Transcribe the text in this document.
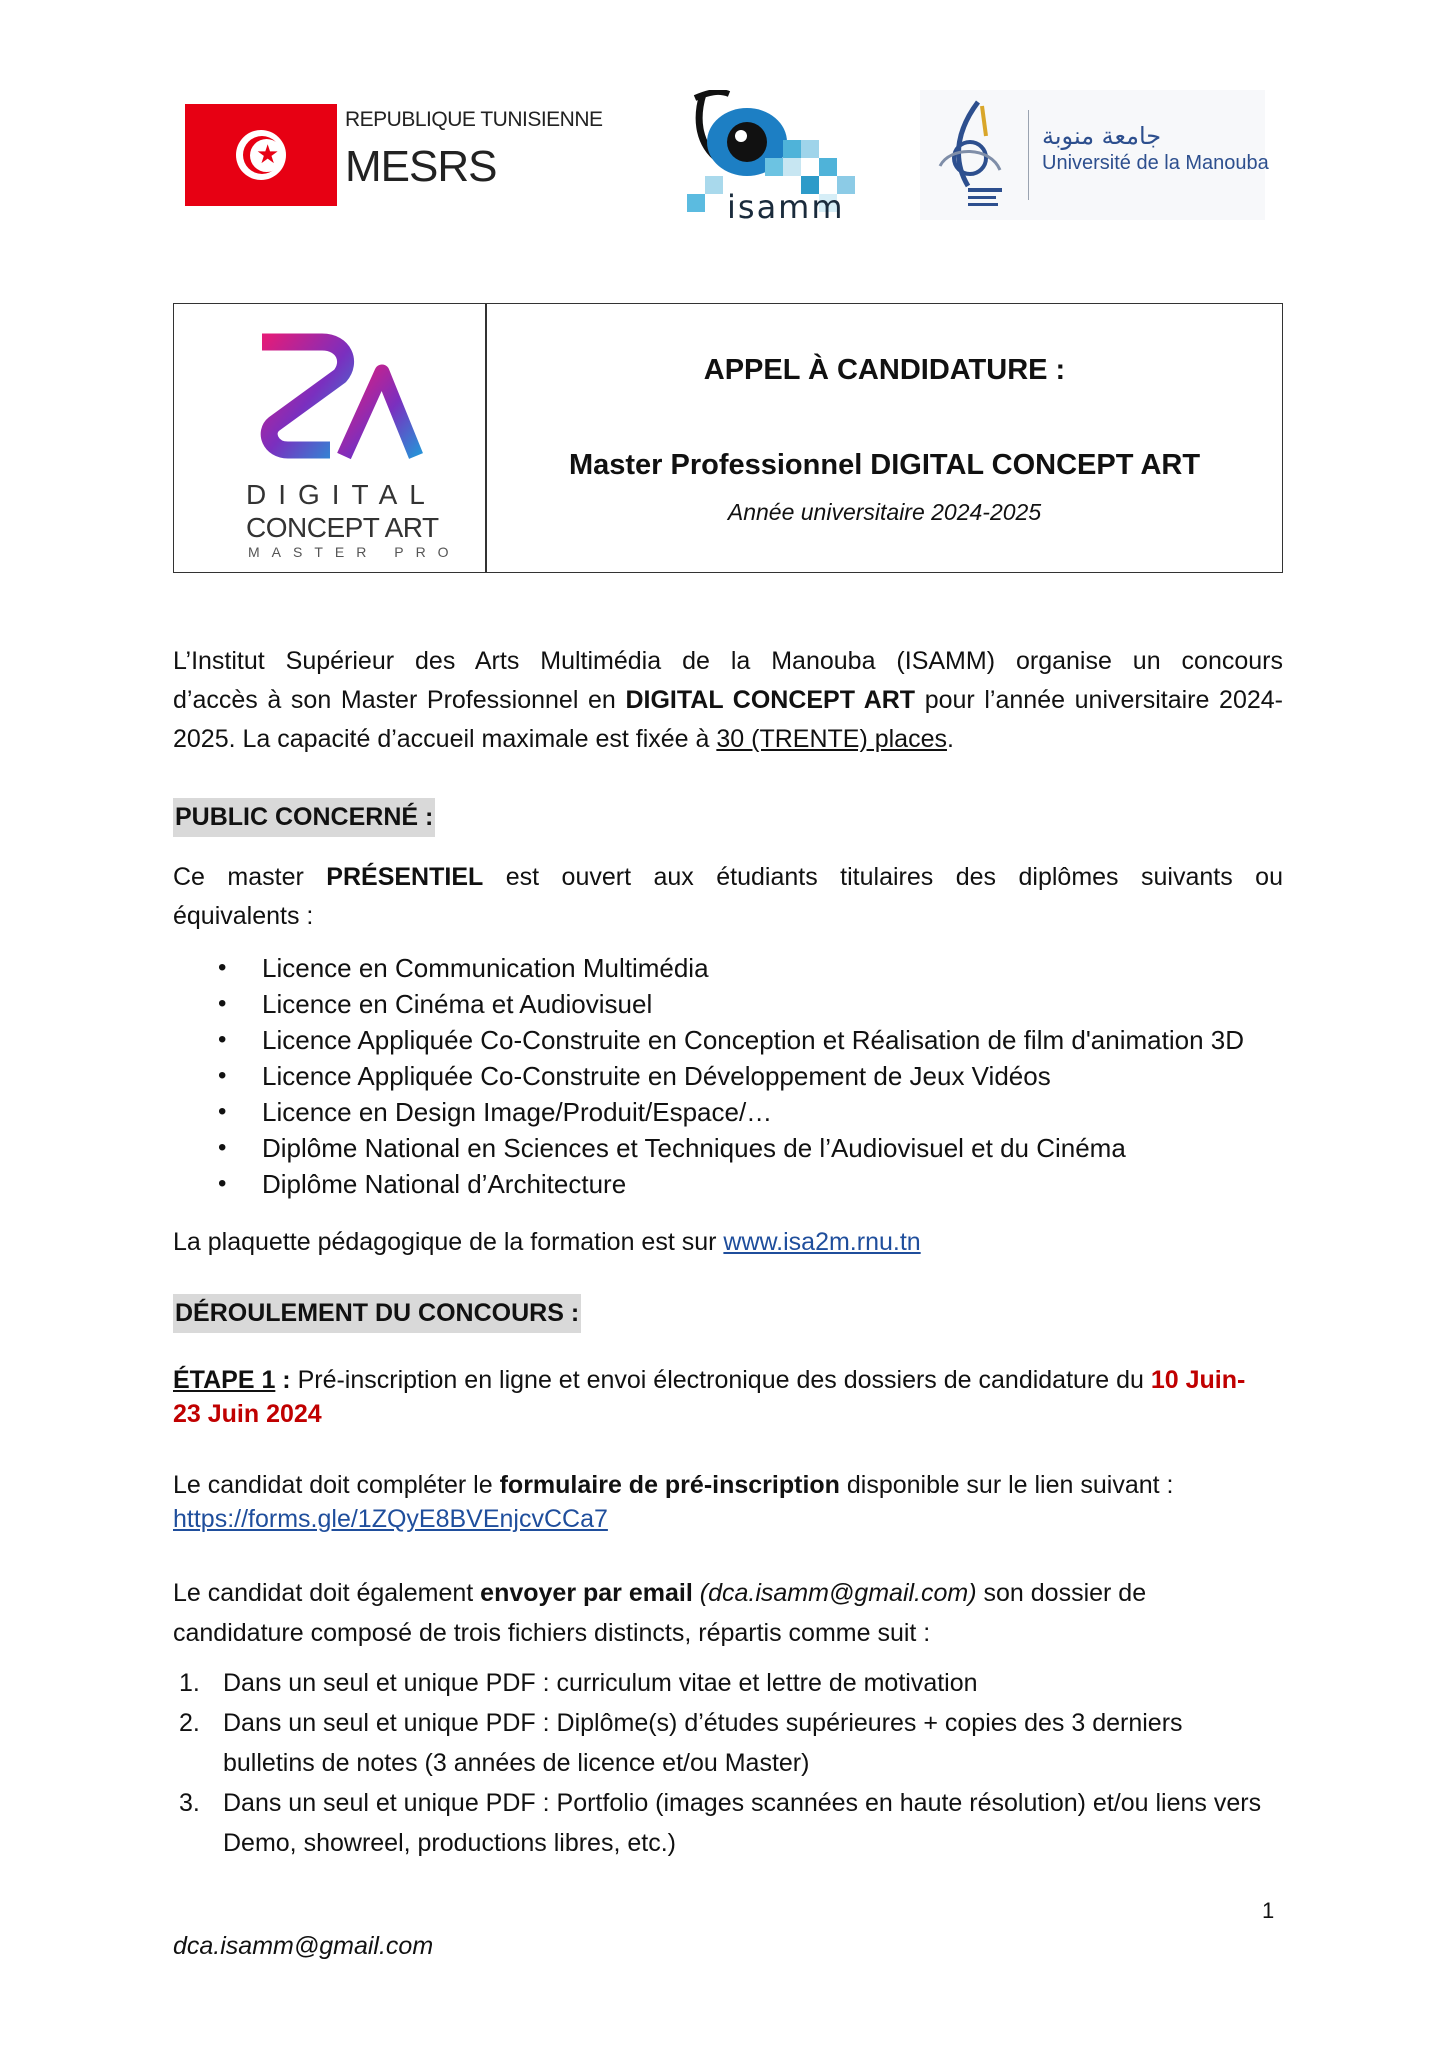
★
REPUBLIQUE TUNISIENNE
MESRS
isamm
جامعة منوبة
Université de la Manouba
DIGITAL
CONCEPT ART
MASTER PRO
APPEL À CANDIDATURE :
Master Professionnel DIGITAL CONCEPT ART
Année universitaire 2024-2025
L’Institut Supérieur des Arts Multimédia de la Manouba (ISAMM) organise un concours
d’accès à son Master Professionnel en DIGITAL CONCEPT ART pour l’année universitaire 2024-
2025. La capacité d’accueil maximale est fixée à 30 (TRENTE) places.
PUBLIC CONCERNÉ :
Ce master PRÉSENTIEL est ouvert aux étudiants titulaires des diplômes suivants ou
équivalents :
• Licence en Communication Multimédia
• Licence en Cinéma et Audiovisuel
• Licence Appliquée Co-Construite en Conception et Réalisation de film d'animation 3D
• Licence Appliquée Co-Construite en Développement de Jeux Vidéos
• Licence en Design Image/Produit/Espace/…
• Diplôme National en Sciences et Techniques de l’Audiovisuel et du Cinéma
• Diplôme National d’Architecture
La plaquette pédagogique de la formation est sur www.isa2m.rnu.tn
DÉROULEMENT DU CONCOURS :
ÉTAPE 1 : Pré-inscription en ligne et envoi électronique des dossiers de candidature du 10 Juin-
23 Juin 2024
Le candidat doit compléter le formulaire de pré-inscription disponible sur le lien suivant :
https://forms.gle/1ZQyE8BVEnjcvCCa7
Le candidat doit également envoyer par email (dca.isamm@gmail.com) son dossier de
candidature composé de trois fichiers distincts, répartis comme suit :
1. Dans un seul et unique PDF : curriculum vitae et lettre de motivation
2. Dans un seul et unique PDF : Diplôme(s) d’études supérieures + copies des 3 derniers bulletins de notes (3 années de licence et/ou Master)
3. Dans un seul et unique PDF : Portfolio (images scannées en haute résolution) et/ou liens vers Demo, showreel, productions libres, etc.)
1
dca.isamm@gmail.com
